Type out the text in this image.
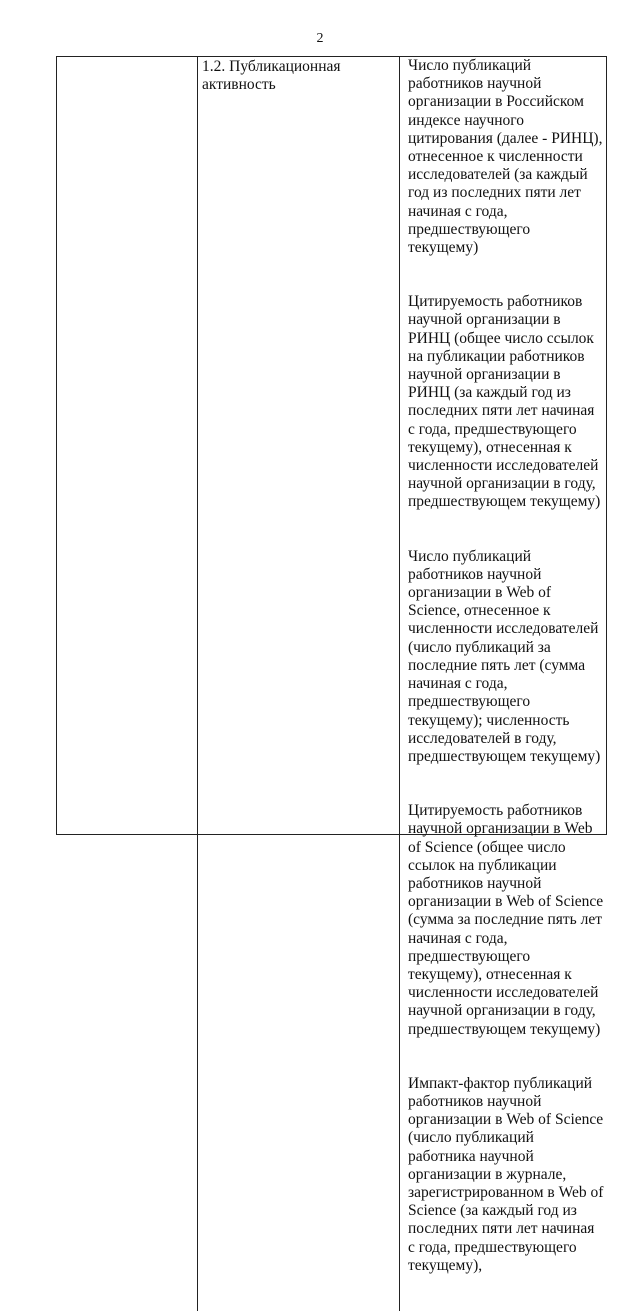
2

1.2. Публикационная активность

Число публикаций работников научной организации в Российском индексе научного цитирования (далее - РИНЦ), отнесенное к численности исследователей (за каждый год из последних пяти лет начиная с года, предшествующего текущему)

Цитируемость работников научной организации в РИНЦ (общее число ссылок на публикации работников научной организации в РИНЦ (за каждый год из последних пяти лет начиная с года, предшествующего текущему), отнесенная к численности исследователей научной организации в году, предшествующем текущему)

Число публикаций работников научной организации в Web of Science, отнесенное к численности исследователей (число публикаций за последние пять лет (сумма начиная с года, предшествующего текущему); численность исследователей в году, предшествующем текущему)

Цитируемость работников научной организации в Web of Science (общее число ссылок на публикации работников научной организации в Web of Science (сумма за последние пять лет начиная с года, предшествующего текущему), отнесенная к численности исследователей научной организации в году, предшествующем текущему)

Импакт-фактор публикаций работников научной организации в Web of Science (число публикаций работника научной организации в журнале, зарегистрированном в Web of Science (за каждый год из последних пяти лет начиная с года, предшествующего текущему),
